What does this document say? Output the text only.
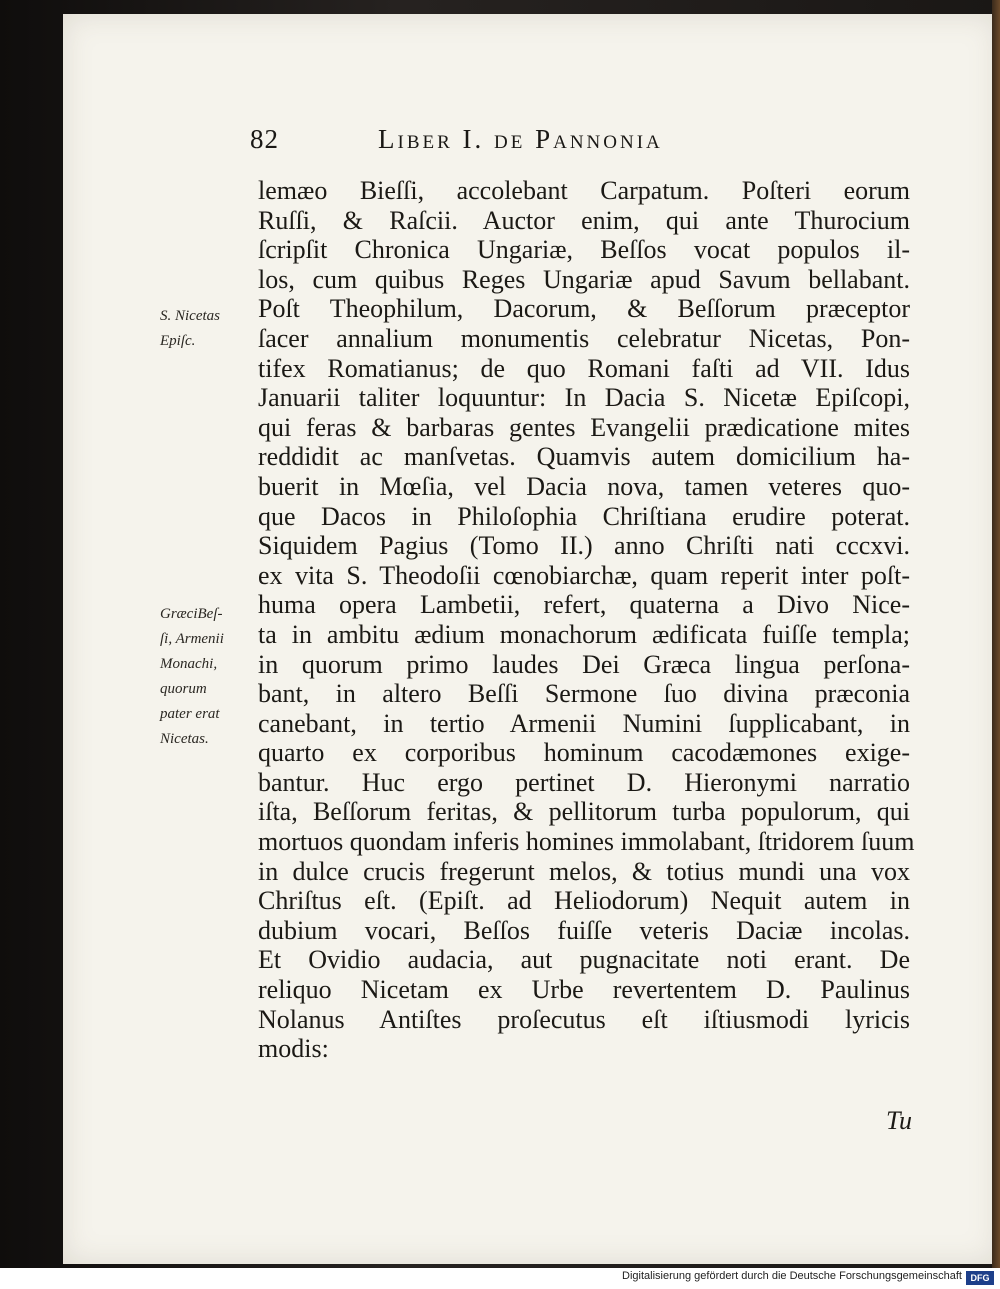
82	Liber I. de Pannonia
S. Nicetas
Epiſc.
GræciBeſ-
ſi, Armenii
Monachi,
quorum
pater erat
Nicetas.
lemæo Bieſſi, accolebant Carpatum. Poſteri eorum
Ruſſi, & Raſcii. Auctor enim, qui ante Thurocium
ſcripſit Chronica Ungariæ, Beſſos vocat populos il-
los, cum quibus Reges Ungariæ apud Savum bellabant.
Poſt Theophilum, Dacorum, & Beſſorum præceptor
ſacer annalium monumentis celebratur Nicetas, Pon-
tifex Romatianus; de quo Romani faſti ad VII. Idus
Januarii taliter loquuntur: In Dacia S. Nicetæ Epiſcopi,
qui feras & barbaras gentes Evangelii prædicatione mites
reddidit ac manſvetas. Quamvis autem domicilium ha-
buerit in Mœſia, vel Dacia nova, tamen veteres quo-
que Dacos in Philoſophia Chriſtiana erudire poterat.
Siquidem Pagius (Tomo II.) anno Chriſti nati cccxvi.
ex vita S. Theodoſii cœnobiarchæ, quam reperit inter poſt-
huma opera Lambetii, refert, quaterna a Divo Nice-
ta in ambitu ædium monachorum ædificata fuiſſe templa;
in quorum primo laudes Dei Græca lingua perſona-
bant, in altero Beſſi Sermone ſuo divina præconia
canebant, in tertio Armenii Numini ſupplicabant, in
quarto ex corporibus hominum cacodæmones exige-
bantur. Huc ergo pertinet D. Hieronymi narratio
iſta, Beſſorum feritas, & pellitorum turba populorum, qui
mortuos quondam inferis homines immolabant, ſtridorem ſuum
in dulce crucis fregerunt melos, & totius mundi una vox
Chriſtus eſt. (Epiſt. ad Heliodorum) Nequit autem in
dubium vocari, Beſſos fuiſſe veteris Daciæ incolas.
Et Ovidio audacia, aut pugnacitate noti erant. De
reliquo Nicetam ex Urbe revertentem D. Paulinus
Nolanus Antiſtes proſecutus eſt iſtiusmodi lyricis
modis:
Tu
Digitalisierung gefördert durch die Deutsche Forschungsgemeinschaft DFG
